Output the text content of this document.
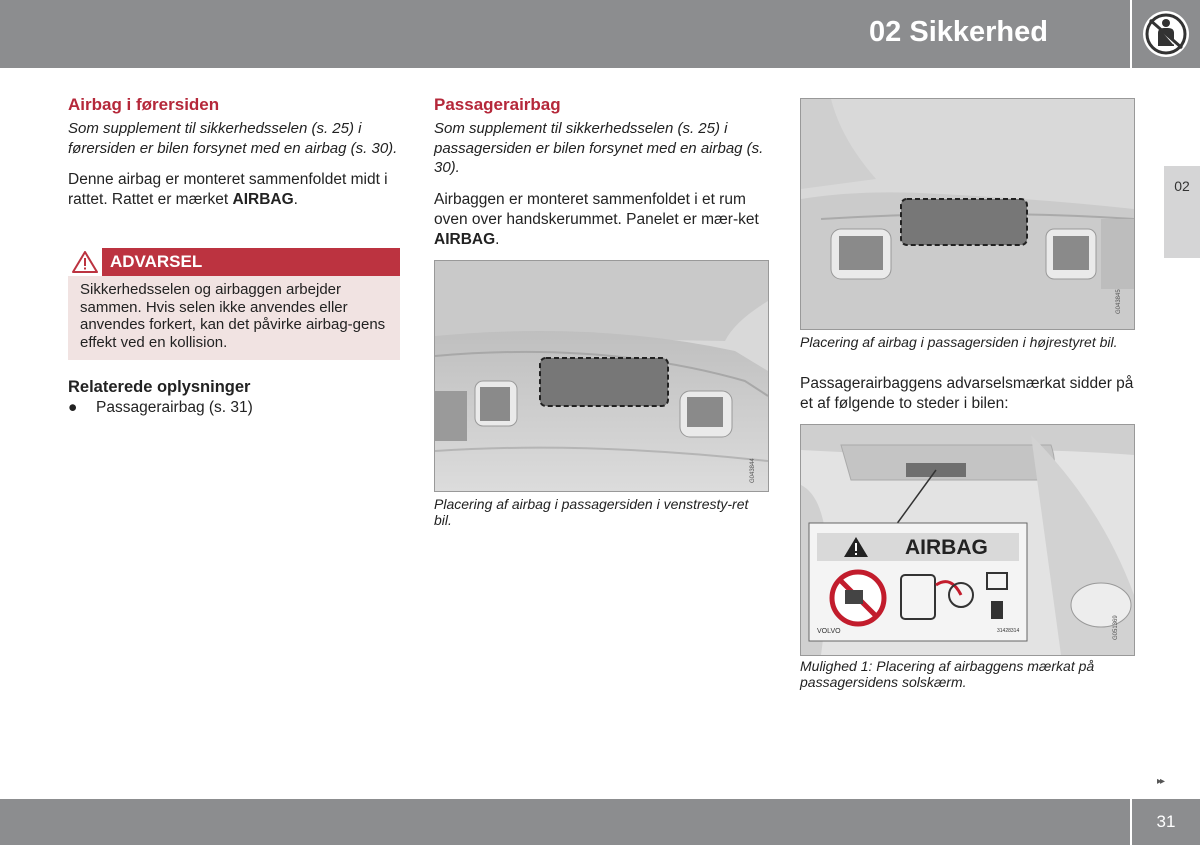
02 Sikkerhed
02
Airbag i førersiden
Som supplement til sikkerhedsselen (s. 25) i førersiden er bilen forsynet med en airbag (s. 30).

Denne airbag er monteret sammenfoldet midt i rattet. Rattet er mærket AIRBAG.

ADVARSEL
Sikkerhedsselen og airbaggen arbejder sammen. Hvis selen ikke anvendes eller anvendes forkert, kan det påvirke airbag-gens effekt ved en kollision.
Relaterede oplysninger
● Passagerairbag (s. 31)
Passagerairbag
Som supplement til sikkerhedsselen (s. 25) i passagersiden er bilen forsynet med en airbag (s. 30).

Airbaggen er monteret sammenfoldet i et rum oven over handskerummet. Panelet er mær-ket AIRBAG.

G043844
Placering af airbag i passagersiden i venstresty-ret bil.
G043845
Placering af airbag i passagersiden i højrestyret bil.
Passagerairbaggens advarselsmærkat sidder på et af følgende to steder i bilen:
AIRBAG
VOLVO	31428314	G051369
Mulighed 1: Placering af airbaggens mærkat på passagersidens solskærm.
▸▸
31
